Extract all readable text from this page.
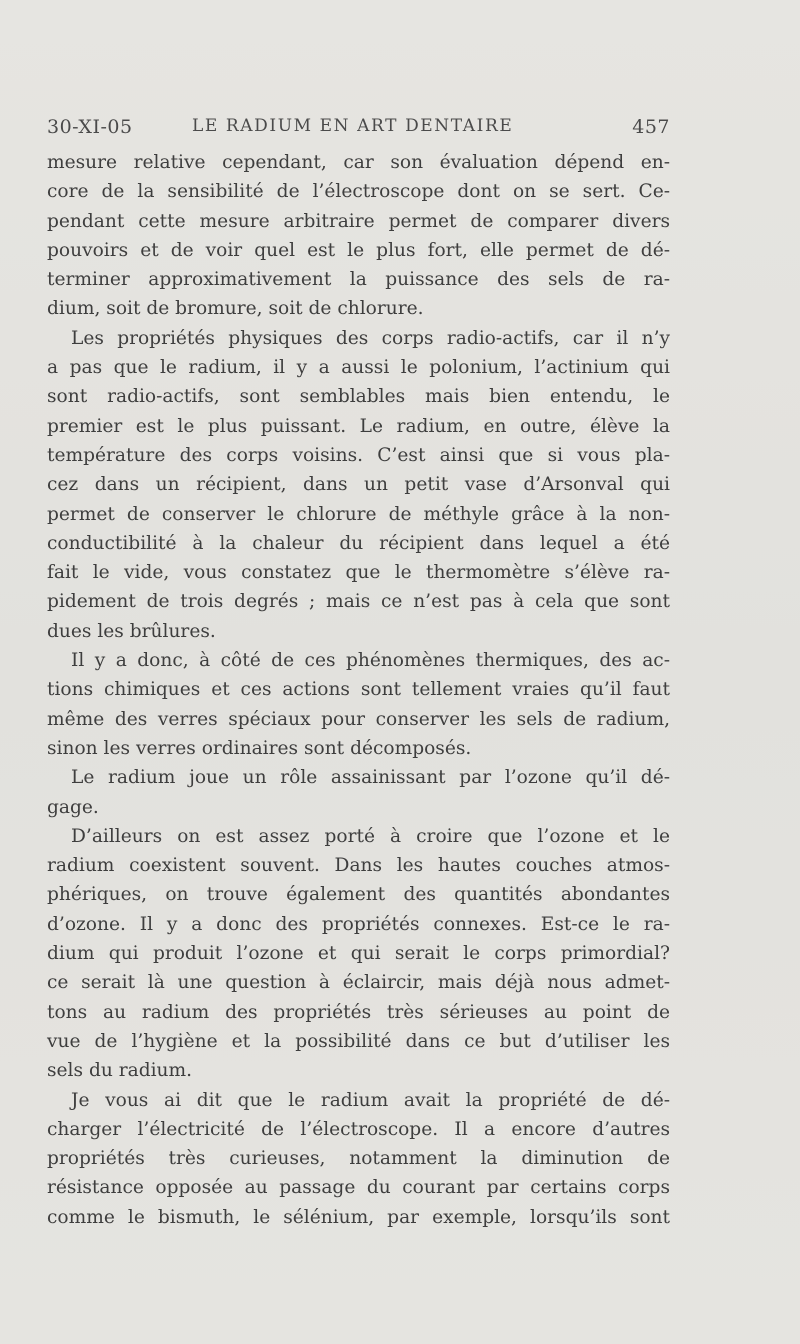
30-XI-05	LE RADIUM EN ART DENTAIRE	457
mesure relative cependant, car son évaluation dépend en-
core de la sensibilité de l’électroscope dont on se sert. Ce-
pendant cette mesure arbitraire permet de comparer divers
pouvoirs et de voir quel est le plus fort, elle permet de dé-
terminer approximativement la puissance des sels de ra-
dium, soit de bromure, soit de chlorure.
Les propriétés physiques des corps radio-actifs, car il n’y
a pas que le radium, il y a aussi le polonium, l’actinium qui
sont radio-actifs, sont semblables mais bien entendu, le
premier est le plus puissant. Le radium, en outre, élève la
température des corps voisins. C’est ainsi que si vous pla-
cez dans un récipient, dans un petit vase d’Arsonval qui
permet de conserver le chlorure de méthyle grâce à la non-
conductibilité à la chaleur du récipient dans lequel a été
fait le vide, vous constatez que le thermomètre s’élève ra-
pidement de trois degrés ; mais ce n’est pas à cela que sont
dues les brûlures.
Il y a donc, à côté de ces phénomènes thermiques, des ac-
tions chimiques et ces actions sont tellement vraies qu’il faut
même des verres spéciaux pour conserver les sels de radium,
sinon les verres ordinaires sont décomposés.
Le radium joue un rôle assainissant par l’ozone qu’il dé-
gage.
D’ailleurs on est assez porté à croire que l’ozone et le
radium coexistent souvent. Dans les hautes couches atmos-
phériques, on trouve également des quantités abondantes
d’ozone. Il y a donc des propriétés connexes. Est-ce le ra-
dium qui produit l’ozone et qui serait le corps primordial?
ce serait là une question à éclaircir, mais déjà nous admet-
tons au radium des propriétés très sérieuses au point de
vue de l’hygiène et la possibilité dans ce but d’utiliser les
sels du radium.
Je vous ai dit que le radium avait la propriété de dé-
charger l’électricité de l’électroscope. Il a encore d’autres
propriétés très curieuses, notamment la diminution de
résistance opposée au passage du courant par certains corps
comme le bismuth, le sélénium, par exemple, lorsqu’ils sont
